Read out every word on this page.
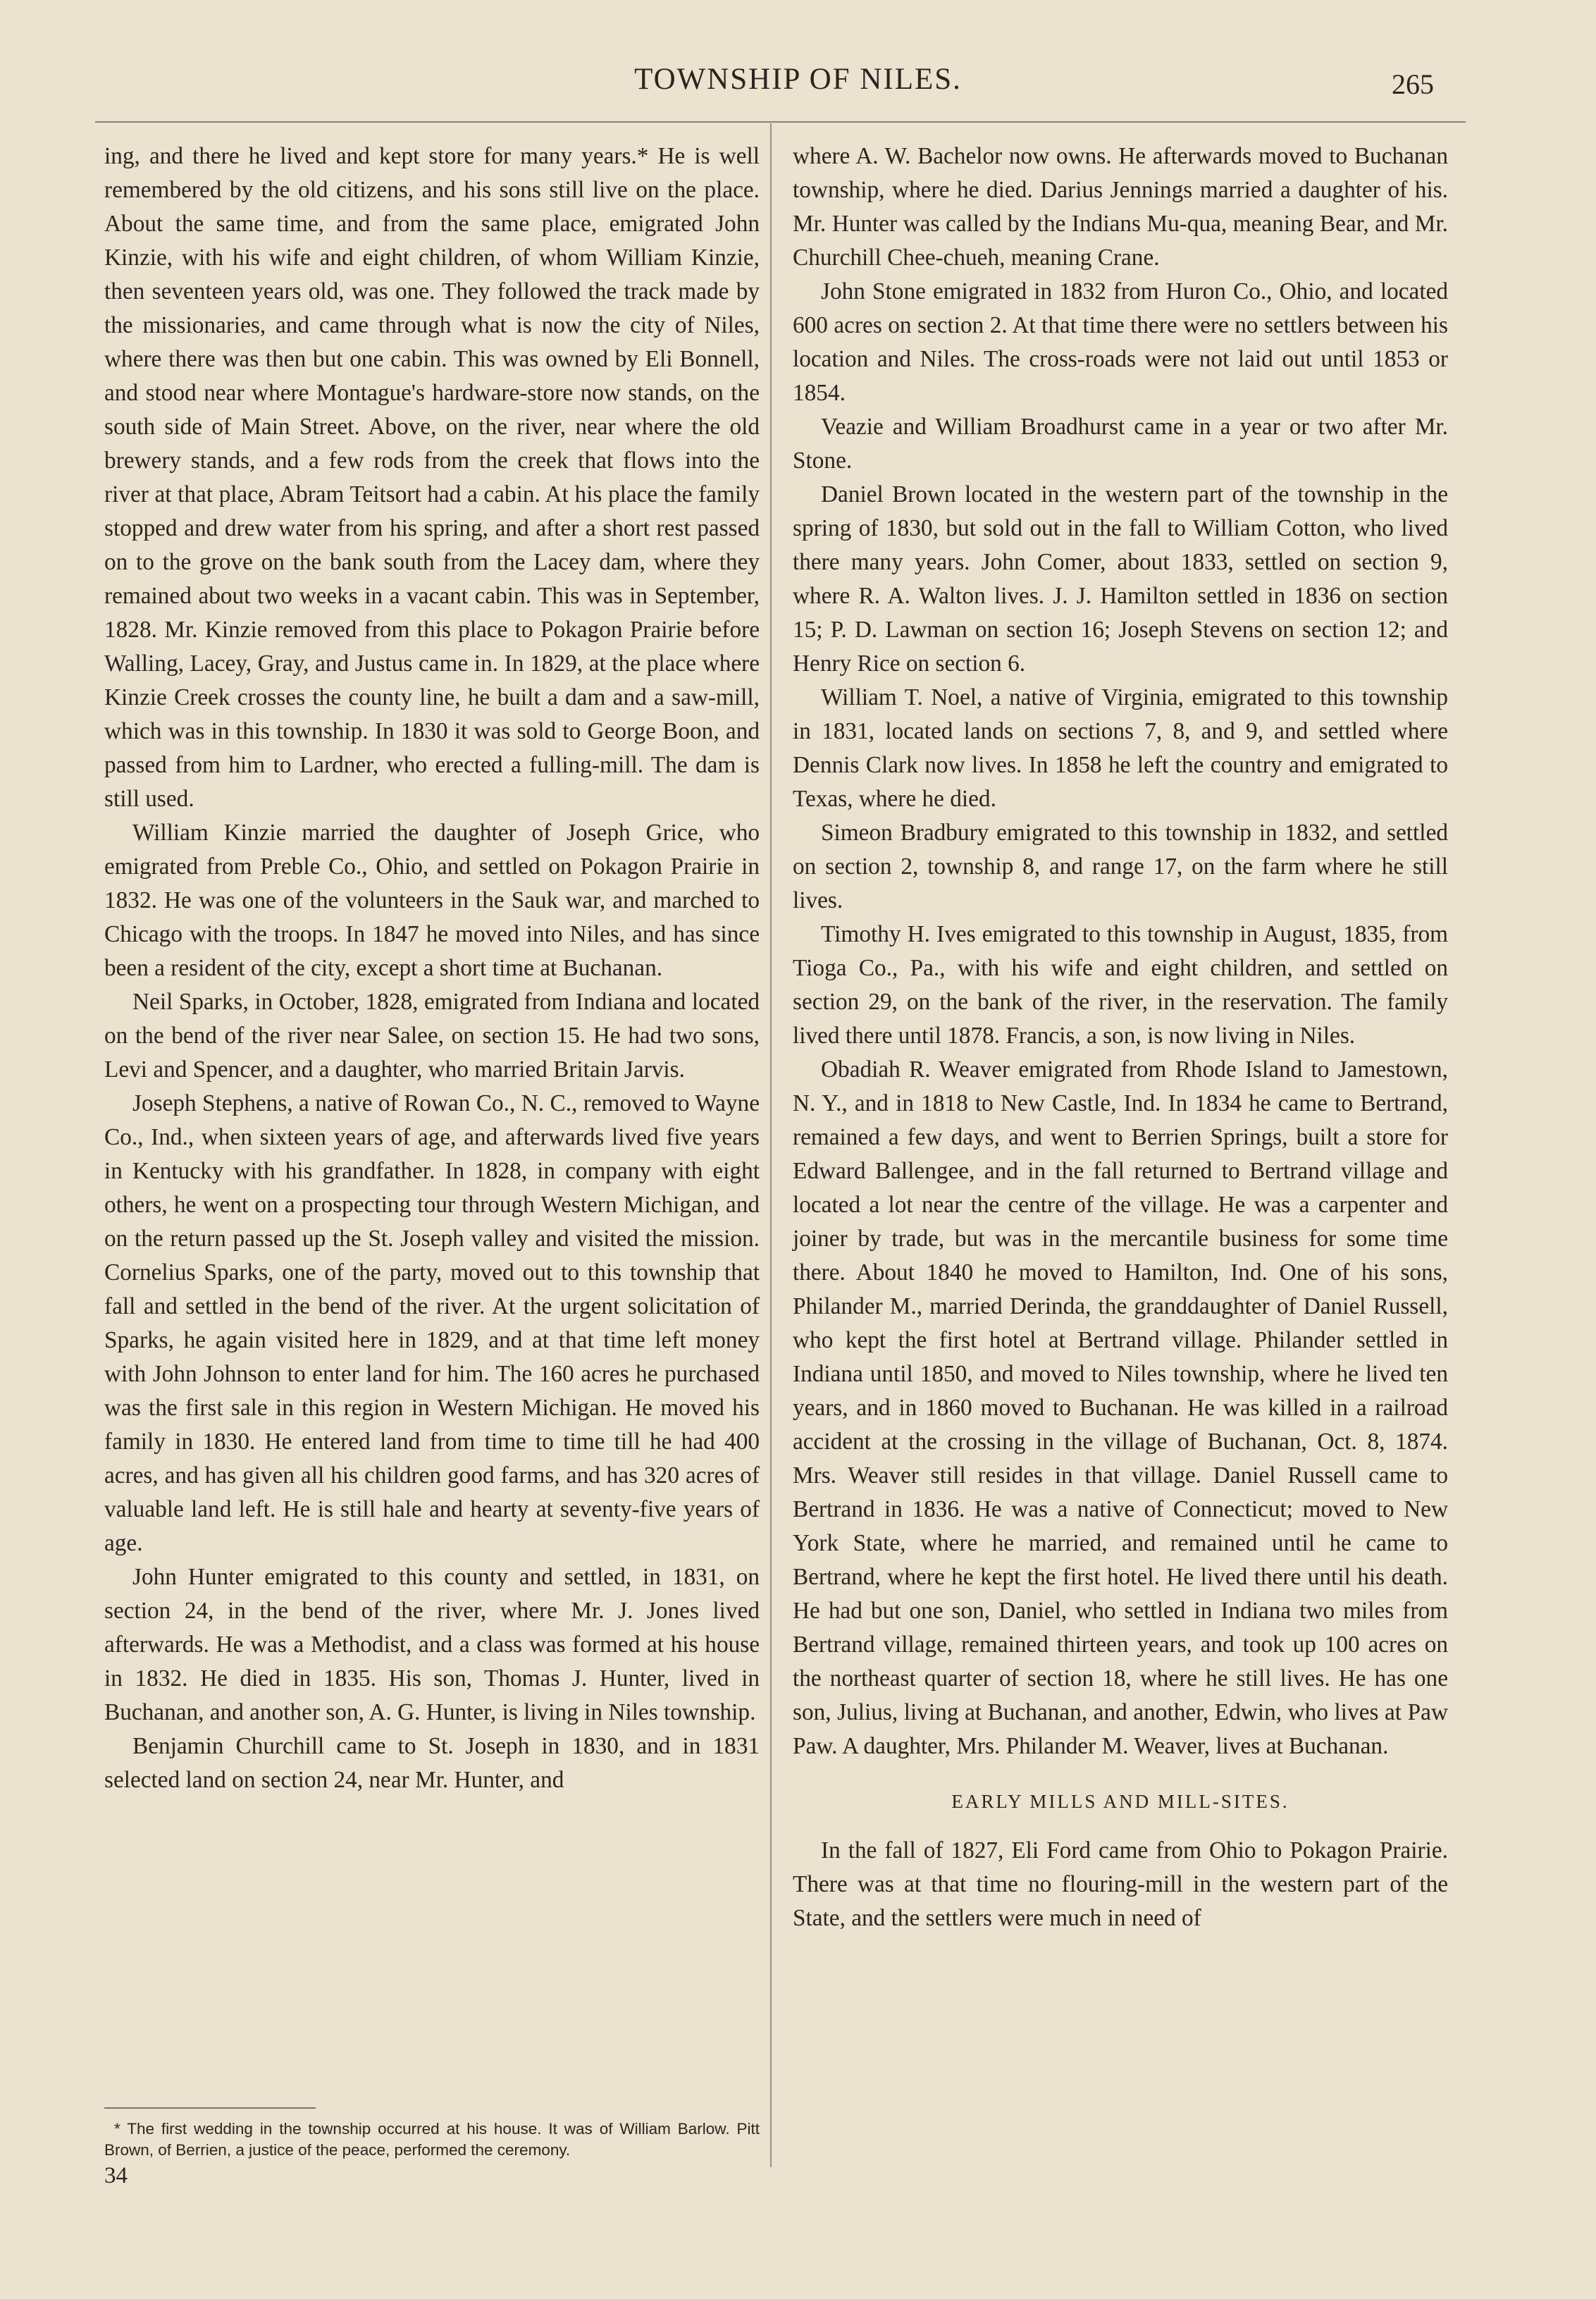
TOWNSHIP OF NILES.	265

ing, and there he lived and kept store for many years.* He is well remembered by the old citizens, and his sons still live on the place. About the same time, and from the same place, emigrated John Kinzie, with his wife and eight children, of whom William Kinzie, then seventeen years old, was one. They followed the track made by the missionaries, and came through what is now the city of Niles, where there was then but one cabin. This was owned by Eli Bonnell, and stood near where Montague's hardware-store now stands, on the south side of Main Street. Above, on the river, near where the old brewery stands, and a few rods from the creek that flows into the river at that place, Abram Teitsort had a cabin. At his place the family stopped and drew water from his spring, and after a short rest passed on to the grove on the bank south from the Lacey dam, where they remained about two weeks in a vacant cabin. This was in September, 1828. Mr. Kinzie removed from this place to Pokagon Prairie before Walling, Lacey, Gray, and Justus came in. In 1829, at the place where Kinzie Creek crosses the county line, he built a dam and a saw-mill, which was in this township. In 1830 it was sold to George Boon, and passed from him to Lardner, who erected a fulling-mill. The dam is still used.

William Kinzie married the daughter of Joseph Grice, who emigrated from Preble Co., Ohio, and settled on Pokagon Prairie in 1832. He was one of the volunteers in the Sauk war, and marched to Chicago with the troops. In 1847 he moved into Niles, and has since been a resident of the city, except a short time at Buchanan.

Neil Sparks, in October, 1828, emigrated from Indiana and located on the bend of the river near Salee, on section 15. He had two sons, Levi and Spencer, and a daughter, who married Britain Jarvis.

Joseph Stephens, a native of Rowan Co., N. C., removed to Wayne Co., Ind., when sixteen years of age, and afterwards lived five years in Kentucky with his grandfather. In 1828, in company with eight others, he went on a prospecting tour through Western Michigan, and on the return passed up the St. Joseph valley and visited the mission. Cornelius Sparks, one of the party, moved out to this township that fall and settled in the bend of the river. At the urgent solicitation of Sparks, he again visited here in 1829, and at that time left money with John Johnson to enter land for him. The 160 acres he purchased was the first sale in this region in Western Michigan. He moved his family in 1830. He entered land from time to time till he had 400 acres, and has given all his children good farms, and has 320 acres of valuable land left. He is still hale and hearty at seventy-five years of age.

John Hunter emigrated to this county and settled, in 1831, on section 24, in the bend of the river, where Mr. J. Jones lived afterwards. He was a Methodist, and a class was formed at his house in 1832. He died in 1835. His son, Thomas J. Hunter, lived in Buchanan, and another son, A. G. Hunter, is living in Niles township.

Benjamin Churchill came to St. Joseph in 1830, and in 1831 selected land on section 24, near Mr. Hunter, and

* The first wedding in the township occurred at his house. It was of William Barlow. Pitt Brown, of Berrien, a justice of the peace, performed the ceremony.

34

where A. W. Bachelor now owns. He afterwards moved to Buchanan township, where he died. Darius Jennings married a daughter of his. Mr. Hunter was called by the Indians Mu-qua, meaning Bear, and Mr. Churchill Chee-chueh, meaning Crane.

John Stone emigrated in 1832 from Huron Co., Ohio, and located 600 acres on section 2. At that time there were no settlers between his location and Niles. The cross-roads were not laid out until 1853 or 1854.

Veazie and William Broadhurst came in a year or two after Mr. Stone.

Daniel Brown located in the western part of the township in the spring of 1830, but sold out in the fall to William Cotton, who lived there many years. John Comer, about 1833, settled on section 9, where R. A. Walton lives. J. J. Hamilton settled in 1836 on section 15; P. D. Lawman on section 16; Joseph Stevens on section 12; and Henry Rice on section 6.

William T. Noel, a native of Virginia, emigrated to this township in 1831, located lands on sections 7, 8, and 9, and settled where Dennis Clark now lives. In 1858 he left the country and emigrated to Texas, where he died.

Simeon Bradbury emigrated to this township in 1832, and settled on section 2, township 8, and range 17, on the farm where he still lives.

Timothy H. Ives emigrated to this township in August, 1835, from Tioga Co., Pa., with his wife and eight children, and settled on section 29, on the bank of the river, in the reservation. The family lived there until 1878. Francis, a son, is now living in Niles.

Obadiah R. Weaver emigrated from Rhode Island to Jamestown, N. Y., and in 1818 to New Castle, Ind. In 1834 he came to Bertrand, remained a few days, and went to Berrien Springs, built a store for Edward Ballengee, and in the fall returned to Bertrand village and located a lot near the centre of the village. He was a carpenter and joiner by trade, but was in the mercantile business for some time there. About 1840 he moved to Hamilton, Ind. One of his sons, Philander M., married Derinda, the granddaughter of Daniel Russell, who kept the first hotel at Bertrand village. Philander settled in Indiana until 1850, and moved to Niles township, where he lived ten years, and in 1860 moved to Buchanan. He was killed in a railroad accident at the crossing in the village of Buchanan, Oct. 8, 1874. Mrs. Weaver still resides in that village. Daniel Russell came to Bertrand in 1836. He was a native of Connecticut; moved to New York State, where he married, and remained until he came to Bertrand, where he kept the first hotel. He lived there until his death. He had but one son, Daniel, who settled in Indiana two miles from Bertrand village, remained thirteen years, and took up 100 acres on the northeast quarter of section 18, where he still lives. He has one son, Julius, living at Buchanan, and another, Edwin, who lives at Paw Paw. A daughter, Mrs. Philander M. Weaver, lives at Buchanan.

EARLY MILLS AND MILL-SITES.

In the fall of 1827, Eli Ford came from Ohio to Pokagon Prairie. There was at that time no flouring-mill in the western part of the State, and the settlers were much in need of
